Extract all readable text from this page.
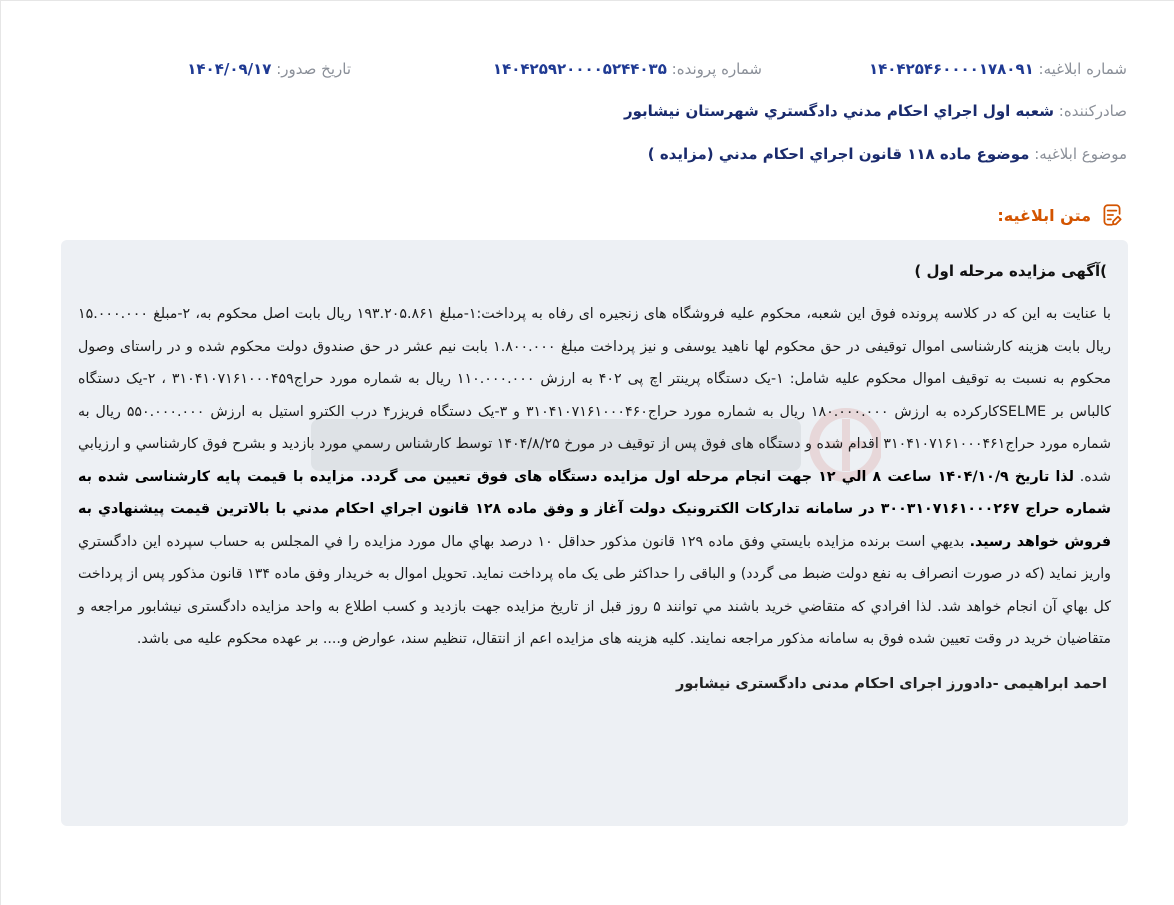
شماره ابلاغيه: ۱۴۰۴۲۵۴۶۰۰۰۰۱۷۸۰۹۱
شماره پرونده: ۱۴۰۴۲۵۹۲۰۰۰۰۵۲۴۴۰۳۵
تاريخ صدور: ۱۴۰۴/۰۹/۱۷
صادرکننده: شعبه اول اجراي احكام مدني دادگستري شهرستان نيشابور
موضوع ابلاغيه: موضوع ماده ۱۱۸ قانون اجراي احكام مدني (مزايده )
متن ابلاغيه:
)آگهی مزايده مرحله اول )

با عنایت به این که در کلاسه پرونده فوق این شعبه، محکوم علیه فروشگاه های زنجیره ای رفاه به پرداخت:۱-مبلغ ۱۹۳.۲۰۵.۸۶۱ ریال بابت اصل محکوم به، ۲-مبلغ ۱۵.۰۰۰.۰۰۰ ریال بابت هزینه کارشناسی اموال توقیفی در حق محکوم لها ناهید یوسفی و نیز پرداخت مبلغ ۱.۸۰۰.۰۰۰ بابت نیم عشر در حق صندوق دولت محکوم شده و در راستای وصول محکوم به نسبت به توقیف اموال محکوم علیه شامل: ۱-یک دستگاه پرینتر اچ پی ۴۰۲ به ارزش ۱۱۰.۰۰۰.۰۰۰ ریال به شماره مورد حراج۳۱۰۴۱۰۷۱۶۱۰۰۰۴۵۹ ، ۲-یک دستگاه کالباس بر SELMEکارکرده به ارزش ۱۸۰.۰۰۰.۰۰۰ ریال به شماره مورد حراج۳۱۰۴۱۰۷۱۶۱۰۰۰۴۶۰ و ۳-یک دستگاه فریزر۴ درب الکترو استیل به ارزش ۵۵۰.۰۰۰.۰۰۰ ریال به شماره مورد حراج۳۱۰۴۱۰۷۱۶۱۰۰۰۴۶۱ اقدام شده و دستگاه های فوق پس از توقیف در مورخ ۱۴۰۴/۸/۲۵ توسط کارشناس رسمي مورد بازديد و بشرح فوق کارشناسي و ارزيابي شده. لذا تاریخ ۱۴۰۴/۱۰/۹ ساعت ۸ الي ۱۲ جهت انجام مرحله اول مزايده دستگاه های فوق تعیین می گردد. مزايده با قیمت پایه کارشناسی شده به شماره حراج ۳۰۰۳۱۰۷۱۶۱۰۰۰۲۶۷ در سامانه تدارکات الکترونیک دولت آغاز و وفق ماده ۱۲۸ قانون اجراي احكام مدني با بالاترين قيمت پيشنهادي به فروش خواهد رسید. بديهي است برنده مزايده بايستي وفق ماده ۱۲۹ قانون مذكور حداقل ۱۰ درصد بهاي مال مورد مزايده را في المجلس به حساب سپرده اين دادگستري واريز نمايد (که در صورت انصراف به نفع دولت ضبط می گردد) و الباقی را حداکثر طی یک ماه پرداخت نمايد. تحويل اموال به خريدار وفق ماده ۱۳۴ قانون مذكور پس از پرداخت كل بهاي آن انجام خواهد شد. لذا افرادي که متقاضي خريد باشند مي توانند ۵ روز قبل از تاريخ مزايده جهت بازديد و کسب اطلاع به واحد مزايده دادگستری نیشابور مراجعه و متقاضیان خرید در وقت تعیین شده فوق به سامانه مذکور مراجعه نمایند. کلیه هزینه های مزایده اعم از انتقال، تنظیم سند، عوارض و.... بر عهده محکوم علیه می باشد.

احمد ابراهیمی -دادورز اجرای احکام مدنی دادگستری نیشابور
